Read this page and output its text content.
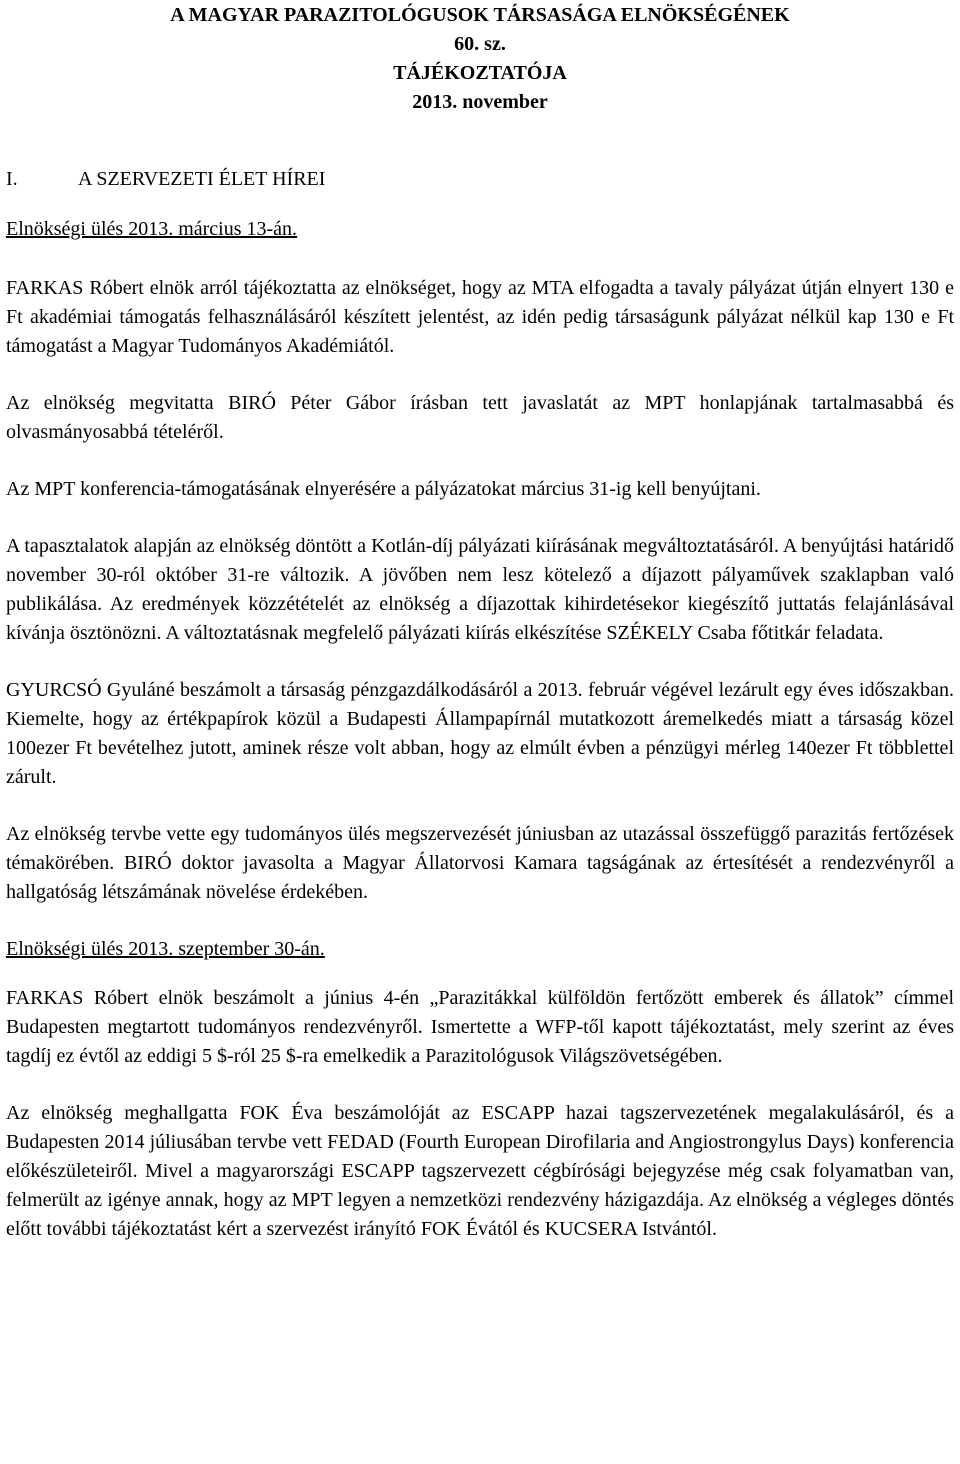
A MAGYAR PARAZITOLÓGUSOK TÁRSASÁGA ELNÖKSÉGÉNEK
60. sz.
TÁJÉKOZTATÓJA
2013. november
I.	A SZERVEZETI ÉLET HÍREI
Elnökségi ülés 2013. március 13-án.

FARKAS Róbert elnök arról tájékoztatta az elnökséget, hogy az MTA elfogadta a tavaly pályázat útján elnyert 130 e Ft akadémiai támogatás felhasználásáról készített jelentést, az idén pedig társaságunk pályázat nélkül kap 130 e Ft támogatást a Magyar Tudományos Akadémiától.

Az elnökség megvitatta BIRÓ Péter Gábor írásban tett javaslatát az MPT honlapjának tartalmasabbá és olvasmányosabbá tételéről.

Az MPT konferencia-támogatásának elnyerésére a pályázatokat március 31-ig kell benyújtani.

A tapasztalatok alapján az elnökség döntött a Kotlán-díj pályázati kiírásának megváltoztatásáról. A benyújtási határidő november 30-ról október 31-re változik. A jövőben nem lesz kötelező a díjazott pályaművek szaklapban való publikálása. Az eredmények közzétételét az elnökség a díjazottak kihirdetésekor kiegészítő juttatás felajánlásával kívánja ösztönözni. A változtatásnak megfelelő pályázati kiírás elkészítése SZÉKELY Csaba főtitkár feladata.

GYURCSÓ Gyuláné beszámolt a társaság pénzgazdálkodásáról a 2013. február végével lezárult egy éves időszakban. Kiemelte, hogy az értékpapírok közül a Budapesti Állampapírnál mutatkozott áremelkedés miatt a társaság közel 100ezer Ft bevételhez jutott, aminek része volt abban, hogy az elmúlt évben a pénzügyi mérleg 140ezer Ft többlettel zárult.

Az elnökség tervbe vette egy tudományos ülés megszervezését júniusban az utazással összefüggő parazitás fertőzések témakörében. BIRÓ doktor javasolta a Magyar Állatorvosi Kamara tagságának az értesítését a rendezvényről a hallgatóság létszámának növelése érdekében.

Elnökségi ülés 2013. szeptember 30-án.

FARKAS Róbert elnök beszámolt a június 4-én „Parazitákkal külföldön fertőzött emberek és állatok” címmel Budapesten megtartott tudományos rendezvényről. Ismertette a WFP-től kapott tájékoztatást, mely szerint az éves tagdíj ez évtől az eddigi 5 $-ról 25 $-ra emelkedik a Parazitológusok Világszövetségében.

Az elnökség meghallgatta FOK Éva beszámolóját az ESCAPP hazai tagszervezetének megalakulásáról, és a Budapesten 2014 júliusában tervbe vett FEDAD (Fourth European Dirofilaria and Angiostrongylus Days) konferencia előkészületeiről. Mivel a magyarországi ESCAPP tagszervezett cégbírósági bejegyzése még csak folyamatban van, felmerült az igénye annak, hogy az MPT legyen a nemzetközi rendezvény házigazdája. Az elnökség a végleges döntés előtt további tájékoztatást kért a szervezést irányító FOK Évától és KUCSERA Istvántól.
